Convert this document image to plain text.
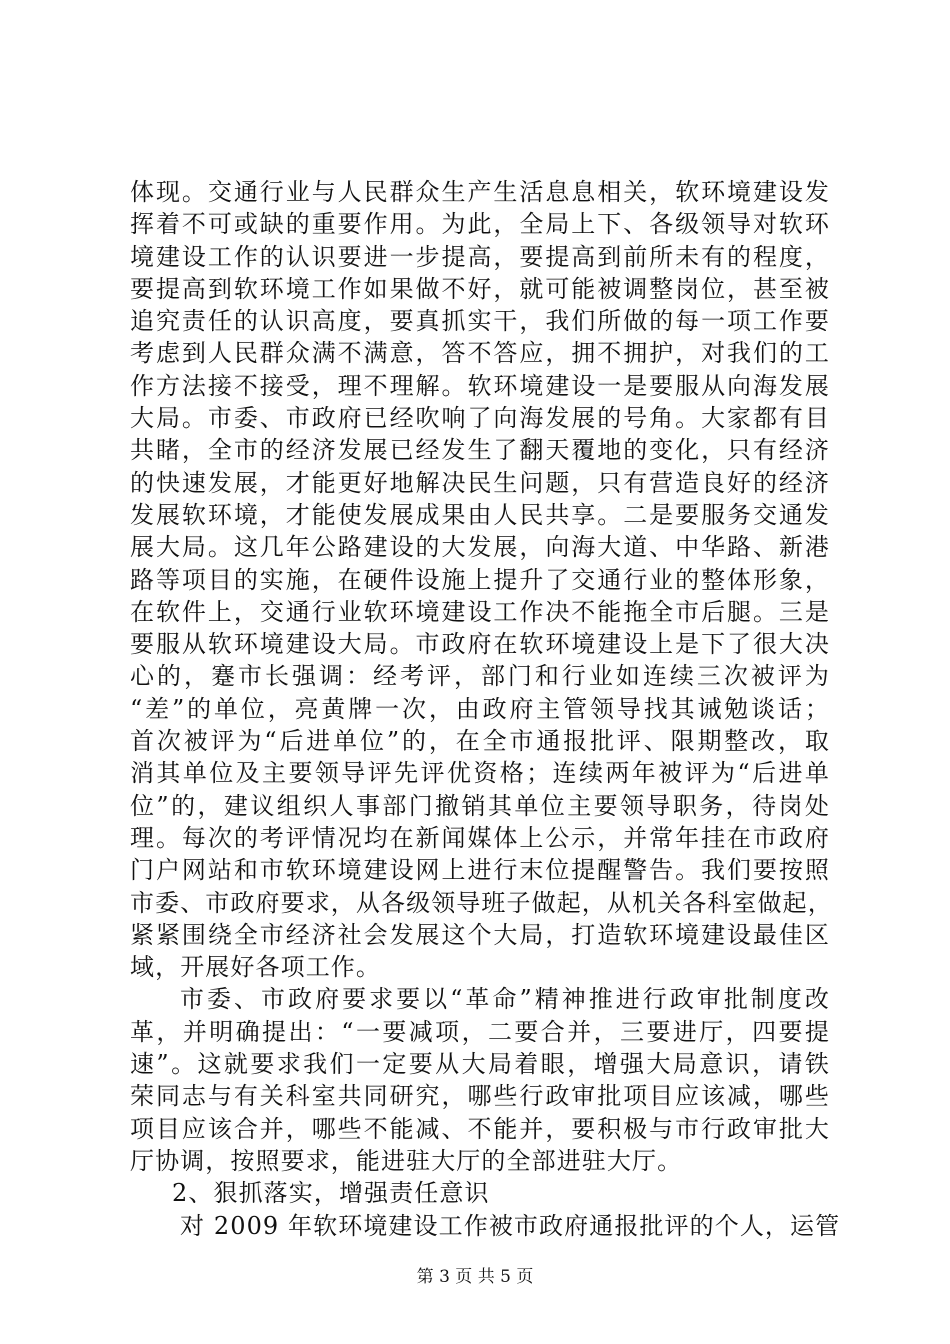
体现。交通行业与人民群众生产生活息息相关，软环境建设发
挥着不可或缺的重要作用。为此，全局上下、各级领导对软环
境建设工作的认识要进一步提高，要提高到前所未有的程度，
要提高到软环境工作如果做不好，就可能被调整岗位，甚至被
追究责任的认识高度，要真抓实干，我们所做的每一项工作要
考虑到人民群众满不满意，答不答应，拥不拥护，对我们的工
作方法接不接受，理不理解。软环境建设一是要服从向海发展
大局。市委、市政府已经吹响了向海发展的号角。大家都有目
共睹，全市的经济发展已经发生了翻天覆地的变化，只有经济
的快速发展，才能更好地解决民生问题，只有营造良好的经济
发展软环境，才能使发展成果由人民共享。二是要服务交通发
展大局。这几年公路建设的大发展，向海大道、中华路、新港
路等项目的实施，在硬件设施上提升了交通行业的整体形象，
在软件上，交通行业软环境建设工作决不能拖全市后腿。三是
要服从软环境建设大局。市政府在软环境建设上是下了很大决
心的，蹇市长强调：经考评，部门和行业如连续三次被评为
“差”的单位，亮黄牌一次，由政府主管领导找其诫勉谈话；
首次被评为“后进单位”的，在全市通报批评、限期整改，取
消其单位及主要领导评先评优资格；连续两年被评为“后进单
位”的，建议组织人事部门撤销其单位主要领导职务，待岗处
理。每次的考评情况均在新闻媒体上公示，并常年挂在市政府
门户网站和市软环境建设网上进行末位提醒警告。我们要按照
市委、市政府要求，从各级领导班子做起，从机关各科室做起，
紧紧围绕全市经济社会发展这个大局，打造软环境建设最佳区
域，开展好各项工作。
市委、市政府要求要以“革命”精神推进行政审批制度改
革，并明确提出：“一要减项，二要合并，三要进厅，四要提
速”。这就要求我们一定要从大局着眼，增强大局意识，请铁
荣同志与有关科室共同研究，哪些行政审批项目应该减，哪些
项目应该合并，哪些不能减、不能并，要积极与市行政审批大
厅协调，按照要求，能进驻大厅的全部进驻大厅。
2、狠抓落实，增强责任意识
对 2009 年软环境建设工作被市政府通报批评的个人，运管
第 3 页 共 5 页
